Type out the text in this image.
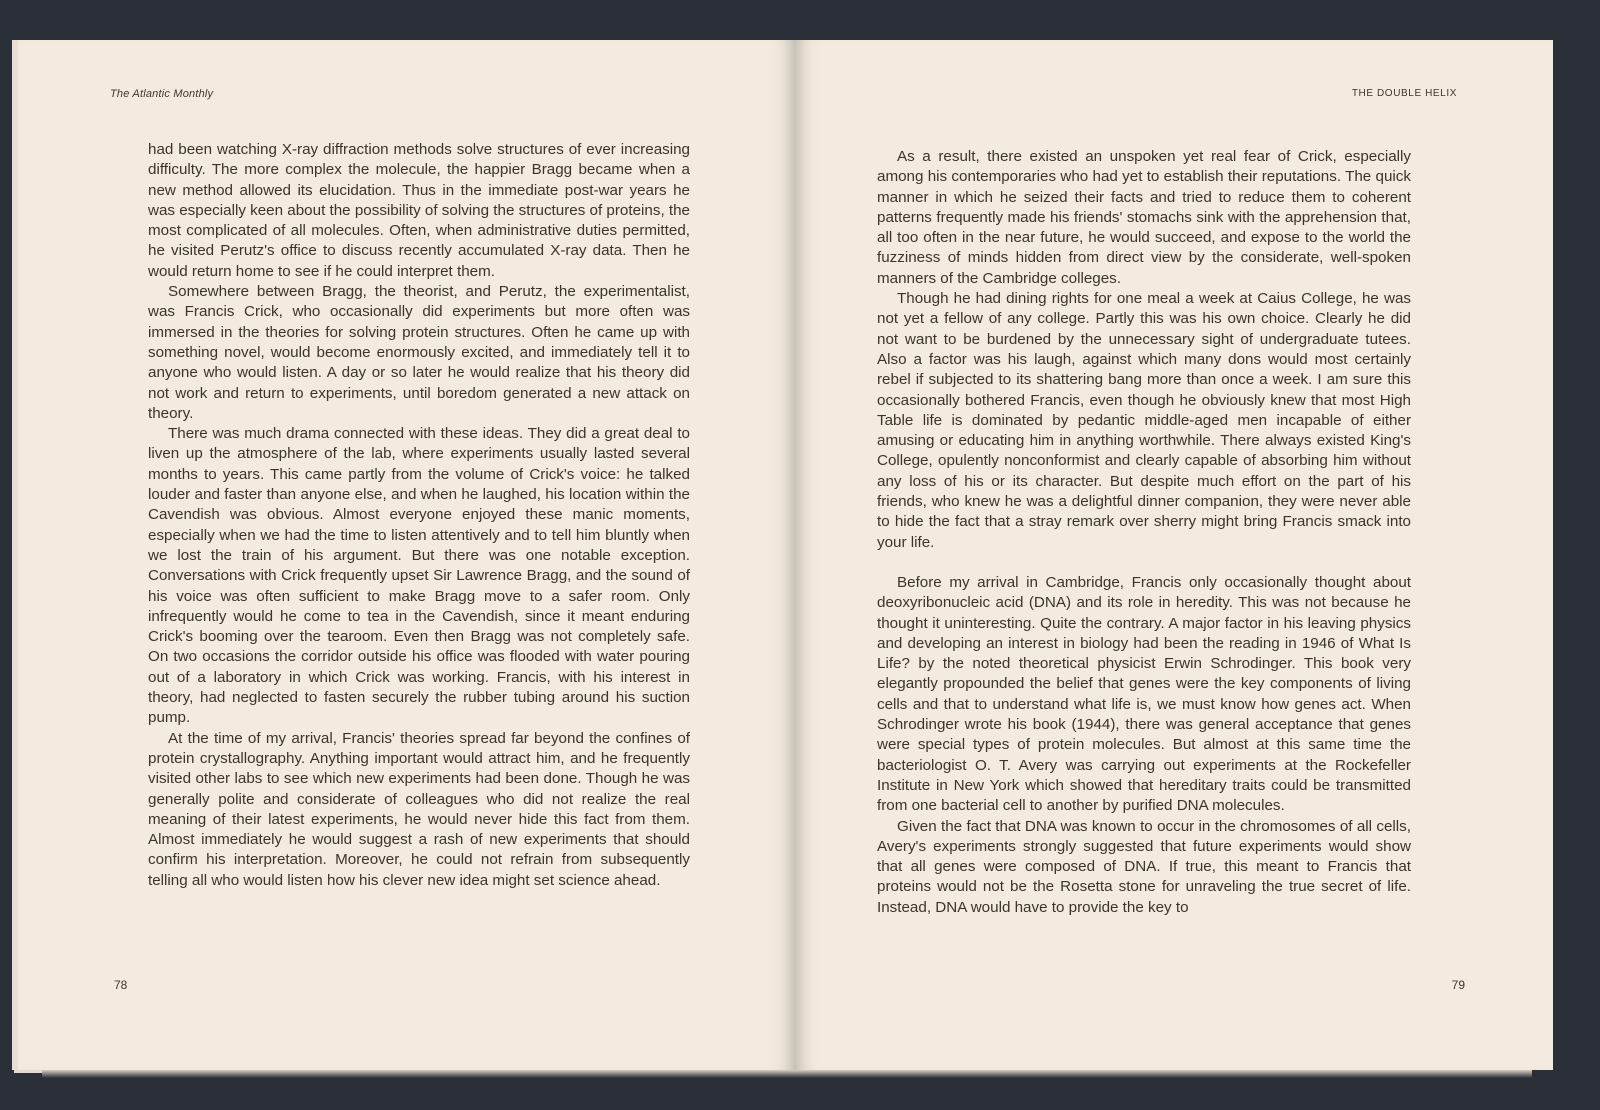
The Atlantic Monthly

had been watching X-ray diffraction methods solve structures of ever increasing difficulty. The more complex the molecule, the happier Bragg became when a new method allowed its elucidation. Thus in the immediate post-war years he was especially keen about the possibility of solving the structures of proteins, the most complicated of all molecules. Often, when administrative duties permitted, he visited Perutz's office to discuss recently accumulated X-ray data. Then he would return home to see if he could interpret them.

Somewhere between Bragg, the theorist, and Perutz, the experimentalist, was Francis Crick, who occasionally did experiments but more often was immersed in the theories for solving protein structures. Often he came up with something novel, would become enormously excited, and immediately tell it to anyone who would listen. A day or so later he would realize that his theory did not work and return to experiments, until boredom generated a new attack on theory.

There was much drama connected with these ideas. They did a great deal to liven up the atmosphere of the lab, where experiments usually lasted several months to years. This came partly from the volume of Crick's voice: he talked louder and faster than anyone else, and when he laughed, his location within the Cavendish was obvious. Almost everyone enjoyed these manic moments, especially when we had the time to listen attentively and to tell him bluntly when we lost the train of his argument. But there was one notable exception. Conversations with Crick frequently upset Sir Lawrence Bragg, and the sound of his voice was often sufficient to make Bragg move to a safer room. Only infrequently would he come to tea in the Cavendish, since it meant enduring Crick's booming over the tearoom. Even then Bragg was not completely safe. On two occasions the corridor outside his office was flooded with water pouring out of a laboratory in which Crick was working. Francis, with his interest in theory, had neglected to fasten securely the rubber tubing around his suction pump.

At the time of my arrival, Francis' theories spread far beyond the confines of protein crystallography. Anything important would attract him, and he frequently visited other labs to see which new experiments had been done. Though he was generally polite and considerate of colleagues who did not realize the real meaning of their latest experiments, he would never hide this fact from them. Almost immediately he would suggest a rash of new experiments that should confirm his interpretation. Moreover, he could not refrain from subsequently telling all who would listen how his clever new idea might set science ahead.

78
THE DOUBLE HELIX

As a result, there existed an unspoken yet real fear of Crick, especially among his contemporaries who had yet to establish their reputations. The quick manner in which he seized their facts and tried to reduce them to coherent patterns frequently made his friends' stomachs sink with the apprehension that, all too often in the near future, he would succeed, and expose to the world the fuzziness of minds hidden from direct view by the considerate, well-spoken manners of the Cambridge colleges.

Though he had dining rights for one meal a week at Caius College, he was not yet a fellow of any college. Partly this was his own choice. Clearly he did not want to be burdened by the unnecessary sight of undergraduate tutees. Also a factor was his laugh, against which many dons would most certainly rebel if subjected to its shattering bang more than once a week. I am sure this occasionally bothered Francis, even though he obviously knew that most High Table life is dominated by pedantic middle-aged men incapable of either amusing or educating him in anything worthwhile. There always existed King's College, opulently nonconformist and clearly capable of absorbing him without any loss of his or its character. But despite much effort on the part of his friends, who knew he was a delightful dinner companion, they were never able to hide the fact that a stray remark over sherry might bring Francis smack into your life.

Before my arrival in Cambridge, Francis only occasionally thought about deoxyribonucleic acid (DNA) and its role in heredity. This was not because he thought it uninteresting. Quite the contrary. A major factor in his leaving physics and developing an interest in biology had been the reading in 1946 of What Is Life? by the noted theoretical physicist Erwin Schrodinger. This book very elegantly propounded the belief that genes were the key components of living cells and that to understand what life is, we must know how genes act. When Schrodinger wrote his book (1944), there was general acceptance that genes were special types of protein molecules. But almost at this same time the bacteriologist O. T. Avery was carrying out experiments at the Rockefeller Institute in New York which showed that hereditary traits could be transmitted from one bacterial cell to another by purified DNA molecules.

Given the fact that DNA was known to occur in the chromosomes of all cells, Avery's experiments strongly suggested that future experiments would show that all genes were composed of DNA. If true, this meant to Francis that proteins would not be the Rosetta stone for unraveling the true secret of life. Instead, DNA would have to provide the key to

79
